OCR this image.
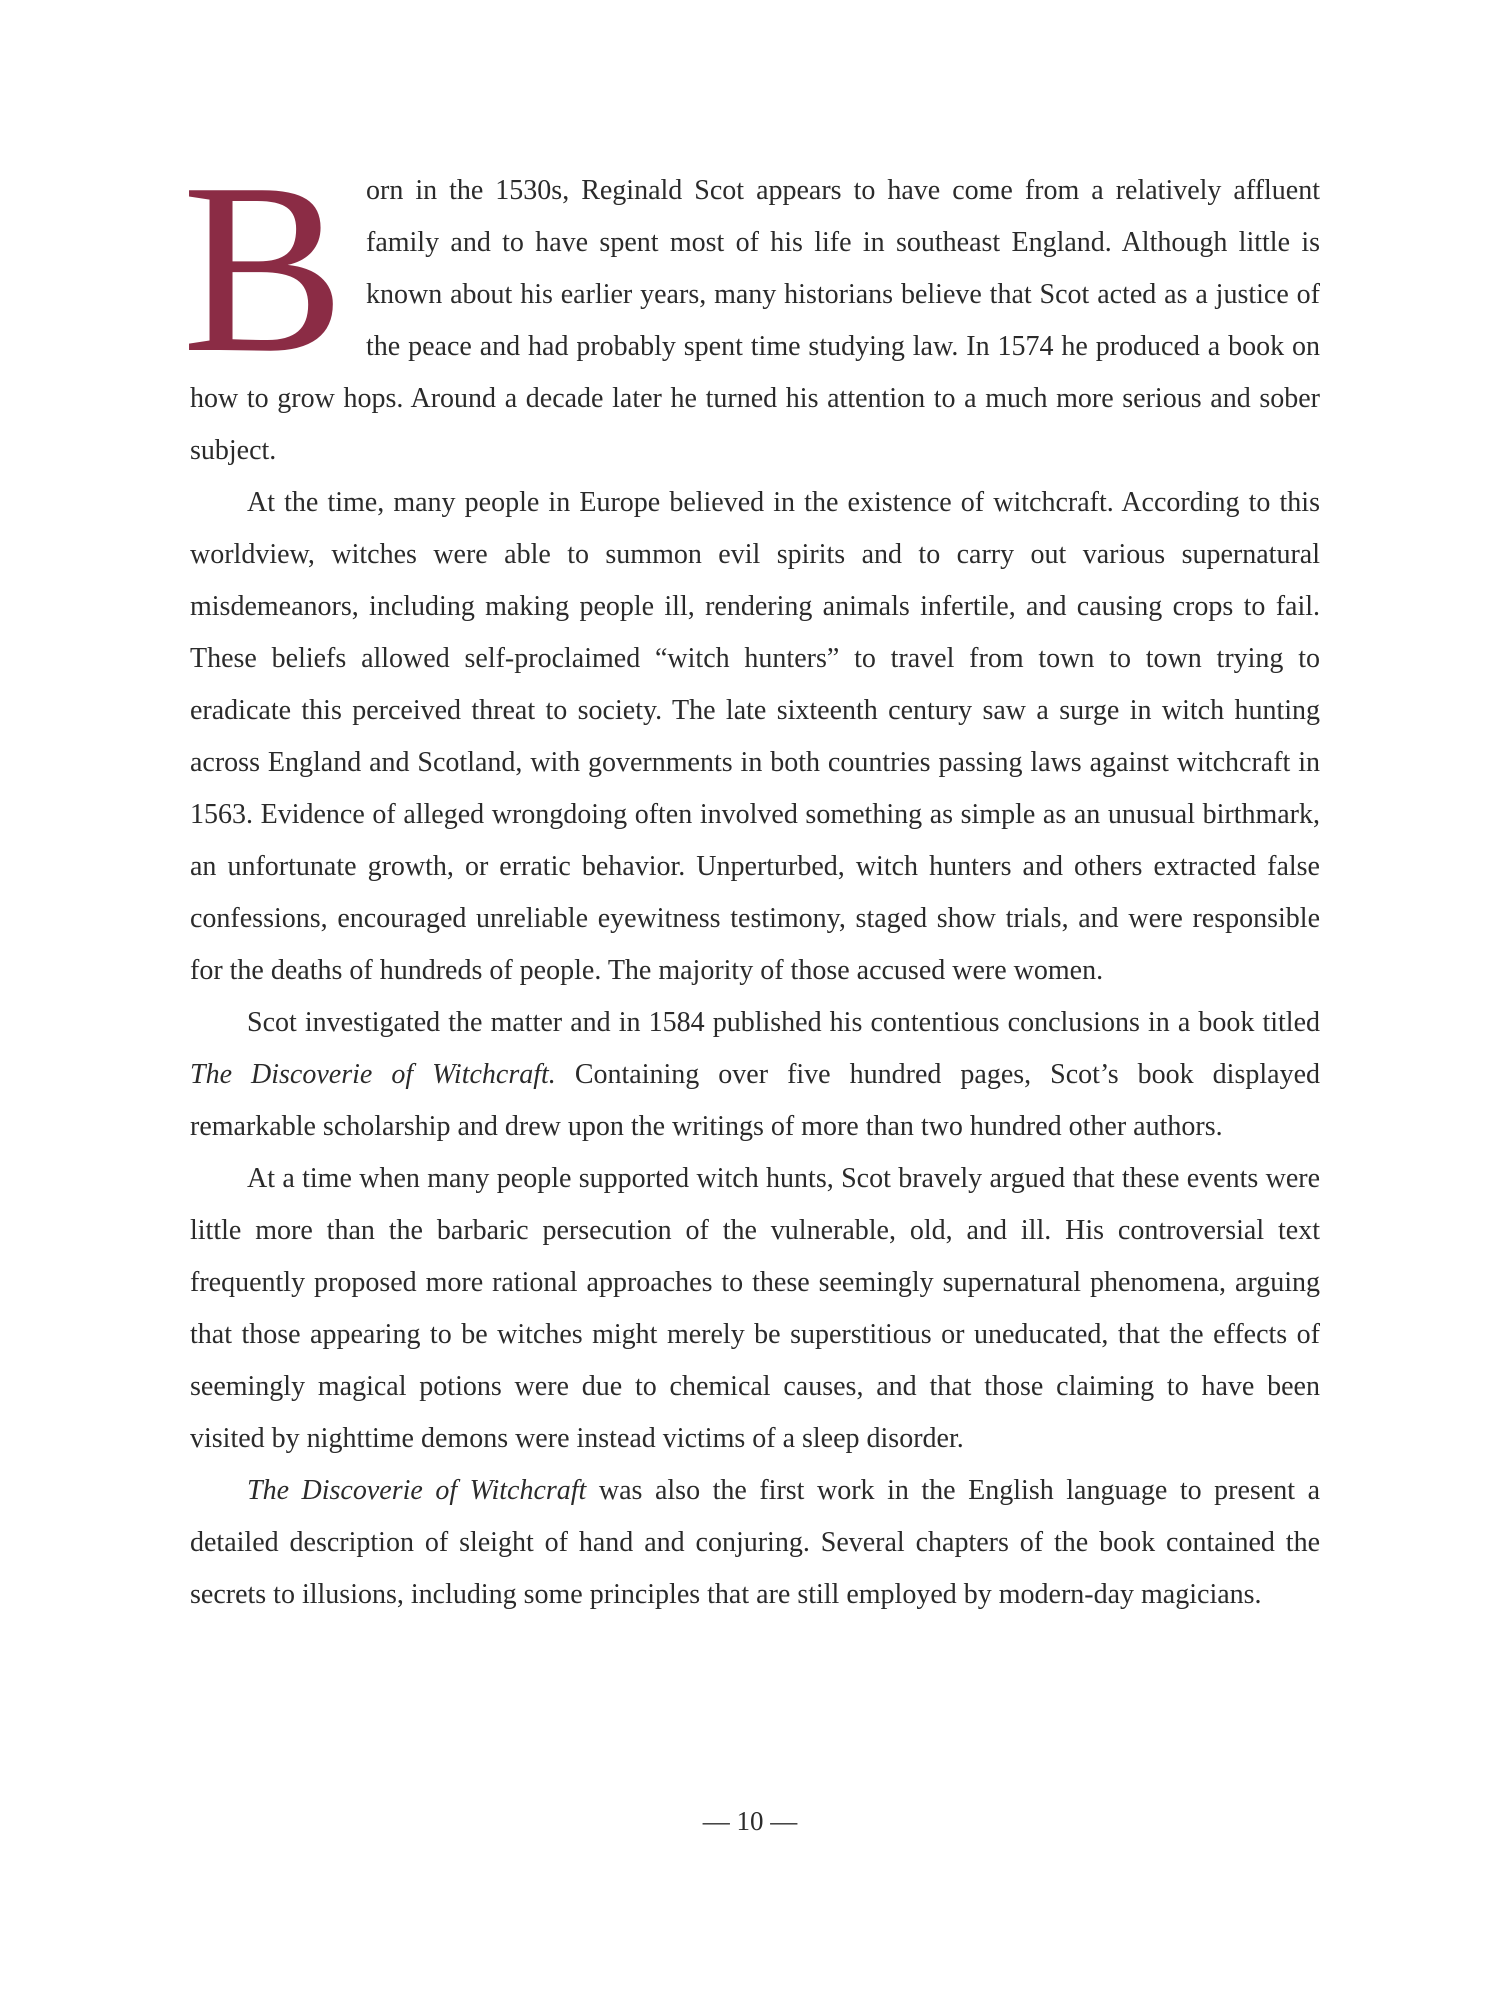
Born in the 1530s, Reginald Scot appears to have come from a relatively affluent family and to have spent most of his life in southeast England. Although little is known about his earlier years, many historians believe that Scot acted as a justice of the peace and had probably spent time studying law. In 1574 he produced a book on how to grow hops. Around a decade later he turned his attention to a much more serious and sober subject.

At the time, many people in Europe believed in the existence of witchcraft. According to this worldview, witches were able to summon evil spirits and to carry out various supernatural misdemeanors, including making people ill, rendering animals infertile, and causing crops to fail. These beliefs allowed self-proclaimed “witch hunters” to travel from town to town trying to eradicate this perceived threat to society. The late sixteenth century saw a surge in witch hunting across England and Scotland, with governments in both countries passing laws against witchcraft in 1563. Evidence of alleged wrongdoing often involved something as simple as an unusual birthmark, an unfortunate growth, or erratic behavior. Unperturbed, witch hunters and others extracted false confessions, encouraged unreliable eyewitness testimony, staged show trials, and were responsible for the deaths of hundreds of people. The majority of those accused were women.

Scot investigated the matter and in 1584 published his contentious conclusions in a book titled The Discoverie of Witchcraft. Containing over five hundred pages, Scot’s book displayed remarkable scholarship and drew upon the writings of more than two hundred other authors.

At a time when many people supported witch hunts, Scot bravely argued that these events were little more than the barbaric persecution of the vulnerable, old, and ill. His controversial text frequently proposed more rational approaches to these seemingly supernatural phenomena, arguing that those appearing to be witches might merely be superstitious or uneducated, that the effects of seemingly magical potions were due to chemical causes, and that those claiming to have been visited by nighttime demons were instead victims of a sleep disorder.

The Discoverie of Witchcraft was also the first work in the English language to present a detailed description of sleight of hand and conjuring. Several chapters of the book contained the secrets to illusions, including some principles that are still employed by modern-day magicians.

— 10 —
